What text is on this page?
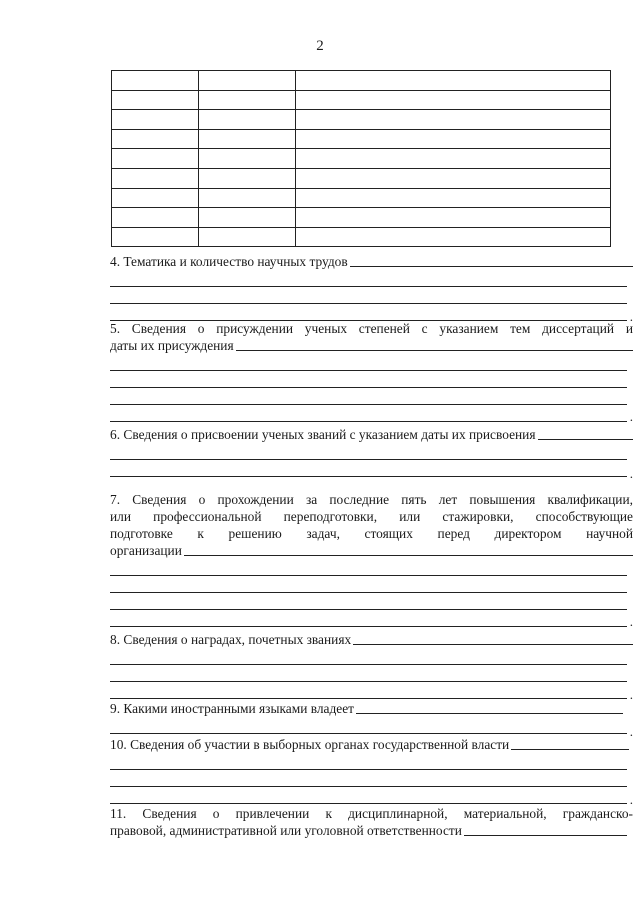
2

4. Тематика и количество научных трудов
.
5. Сведения о присуждении ученых степеней с указанием тем диссертаций и
даты их присуждения
.
6. Сведения о присвоении ученых званий с указанием даты их присвоения
.
7. Сведения о прохождении за последние пять лет повышения квалификации,
или профессиональной переподготовки, или стажировки, способствующие
подготовке к решению задач, стоящих перед директором научной
организации
.
8. Сведения о наградах, почетных званиях
.
9. Какими иностранными языками владеет
.
10. Сведения об участии в выборных органах государственной власти
.
11. Сведения о привлечении к дисциплинарной, материальной, гражданско-
правовой, административной или уголовной ответственности
